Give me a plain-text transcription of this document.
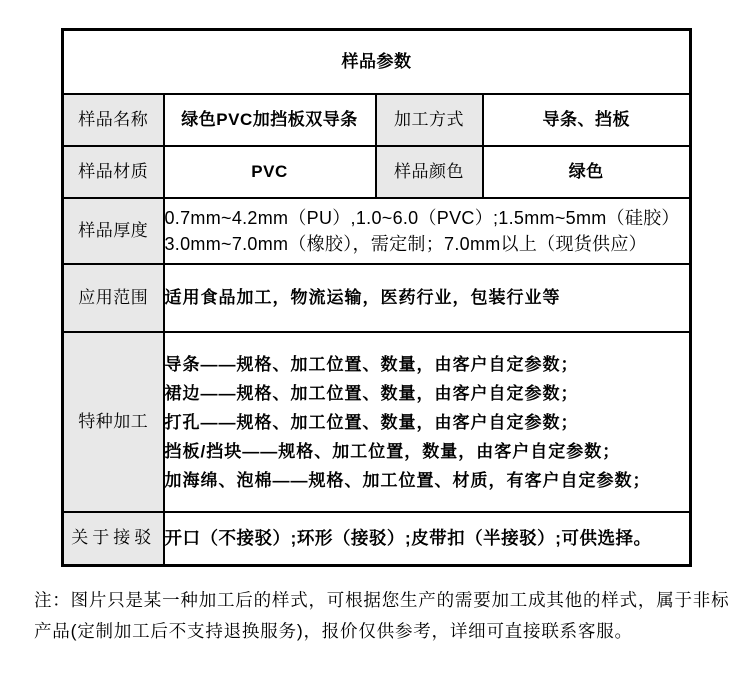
样品参数			
样品名称	绿色PVC加挡板双导条	加工方式	导条、挡板
样品材质	PVC	样品颜色	绿色
样品厚度	0.7mm~4.2mm（PU）,1.0~6.0（PVC）;1.5mm~5mm（硅胶）
3.0mm~7.0mm（橡胶），需定制；7.0mm以上（现货供应）		

应用范围	适用食品加工，物流运输，医药行业，包装行业等		
特种加工	导条——规格、加工位置、数量，由客户自定参数；
裙边——规格、加工位置、数量，由客户自定参数；
打孔——规格、加工位置、数量，由客户自定参数；
挡板/挡块——规格、加工位置，数量，由客户自定参数；
加海绵、泡棉——规格、加工位置、材质，有客户自定参数；		

关于接驳	开口（不接驳）;环形（接驳）;皮带扣（半接驳）;可供选择。		
注：图片只是某一种加工后的样式，可根据您生产的需要加工成其他的样式，属于非标产品(定制加工后不支持退换服务)，报价仅供参考，详细可直接联系客服。
